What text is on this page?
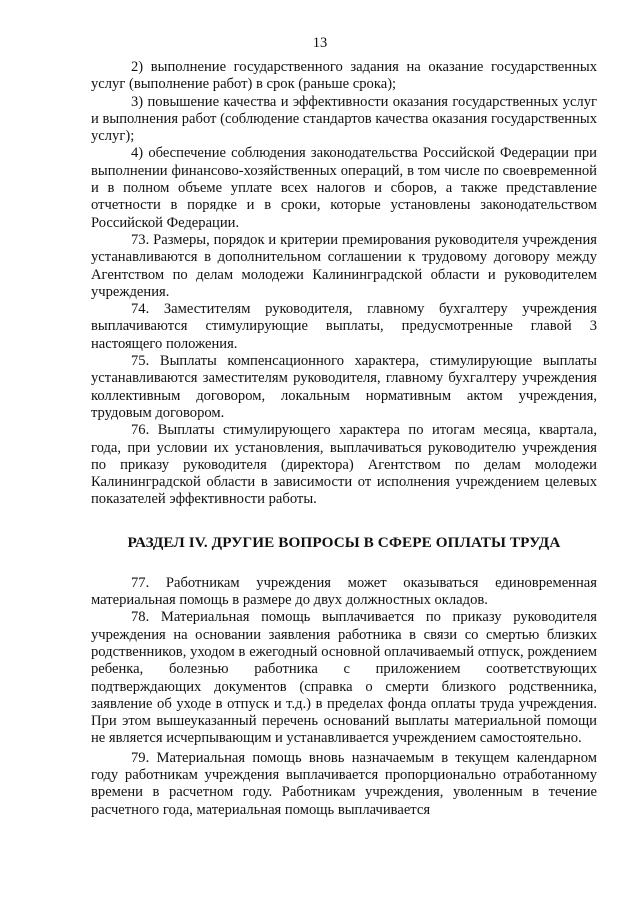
13

2) выполнение государственного задания на оказание государственных услуг (выполнение работ) в срок (раньше срока);

3) повышение качества и эффективности оказания государственных услуг и выполнения работ (соблюдение стандартов качества оказания государственных услуг);

4) обеспечение соблюдения законодательства Российской Федерации при выполнении финансово-хозяйственных операций, в том числе по своевременной и в полном объеме уплате всех налогов и сборов, а также представление отчетности в порядке и в сроки, которые установлены законодательством Российской Федерации.

73. Размеры, порядок и критерии премирования руководителя учреждения устанавливаются в дополнительном соглашении к трудовому договору между Агентством по делам молодежи Калининградской области и руководителем учреждения.

74. Заместителям руководителя, главному бухгалтеру учреждения выплачиваются стимулирующие выплаты, предусмотренные главой 3 настоящего положения.

75. Выплаты компенсационного характера, стимулирующие выплаты устанавливаются заместителям руководителя, главному бухгалтеру учреждения коллективным договором, локальным нормативным актом учреждения, трудовым договором.

76. Выплаты стимулирующего характера по итогам месяца, квартала, года, при условии их установления, выплачиваться руководителю учреждения по приказу руководителя (директора) Агентством по делам молодежи Калининградской области в зависимости от исполнения учреждением целевых показателей эффективности работы.

РАЗДЕЛ IV. ДРУГИЕ ВОПРОСЫ В СФЕРЕ ОПЛАТЫ ТРУДА

77. Работникам учреждения может оказываться единовременная материальная помощь в размере до двух должностных окладов.

78. Материальная помощь выплачивается по приказу руководителя учреждения на основании заявления работника в связи со смертью близких родственников, уходом в ежегодный основной оплачиваемый отпуск, рождением ребенка, болезнью работника с приложением соответствующих подтверждающих документов (справка о смерти близкого родственника, заявление об уходе в отпуск и т.д.) в пределах фонда оплаты труда учреждения. При этом вышеуказанный перечень оснований выплаты материальной помощи не является исчерпывающим и устанавливается учреждением самостоятельно.

79. Материальная помощь вновь назначаемым в текущем календарном году работникам учреждения выплачивается пропорционально отработанному времени в расчетном году. Работникам учреждения, уволенным в течение расчетного года, материальная помощь выплачивается
